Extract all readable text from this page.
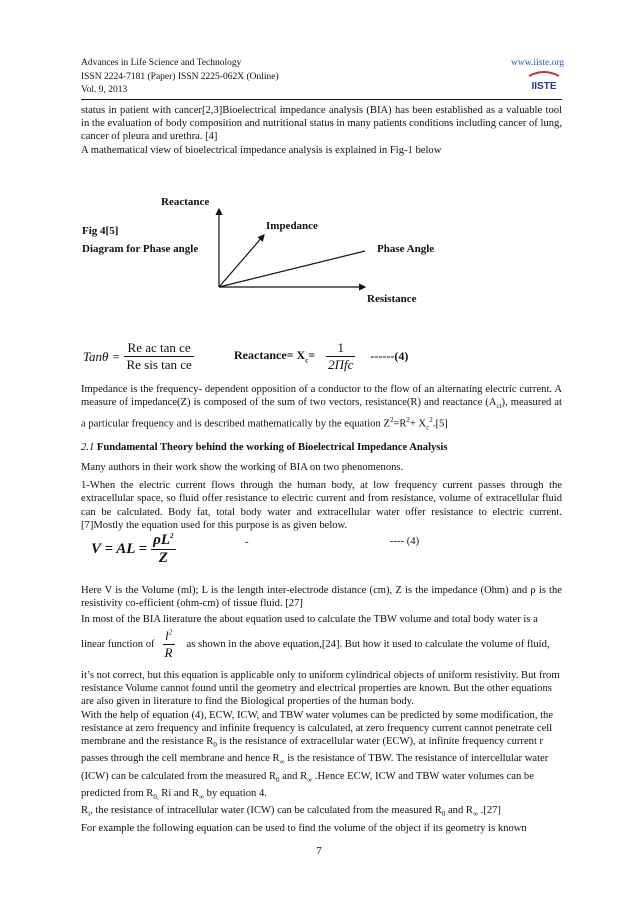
Advances in Life Science and Technology
ISSN 2224-7181 (Paper) ISSN 2225-062X (Online)
Vol. 9, 2013
www.iiste.org
IISTE

status in patient with cancer[2,3]Bioelectrical impedance analysis (BIA) has been established as a valuable tool in the evaluation of body composition and nutritional status in many patients conditions including cancer of lung, cancer of pleura and urethra. [4]

A mathematical view of bioelectrical impedance analysis is explained in Fig-1 below

Reactance
Fig 4[5]
Diagram for Phase angle
Impedance
Phase Angle
Resistance
$Tan\theta = \frac{\text{Re ac tan ce}}{\text{Re sis tan ce}}$	Reactance= $X_c= \frac{1}{\text{2Πfc}} ------(4)$

Impedance is the frequency- dependent opposition of a conductor to the flow of an alternating electric current. A measure of impedance(Z) is composed of the sum of two vectors, resistance(R) and reactance $(A_{ct})$, measured at a particular frequency and is described mathematically by the equation $Z^2=R^2+ X_c^2.[5]$

2.1 Fundamental Theory behind the working of Bioelectrical Impedance Analysis

Many authors in their work show the working of BIA on two phenomenons.

1-When the electric current flows through the human body, at low frequency current passes through the extracellular space, so fluid offer resistance to electric current and from resistance, volume of extracellular fluid can be calculated. Body fat, total body water and extracellular water offer resistance to electric current. [7]Mostly the equation used for this purpose is as given below.

V = AL = $\frac{\rho L^2}{Z}$	-	---- (4)

Here V is the Volume (ml); L is the length inter-electrode distance (cm), Z is the impedance (Ohm) and ρ is the resistivity co-efficient (ohm-cm) of tissue fluid. [27]

In most of the BIA literature the about equation used to calculate the TBW volume and total body water is a

linear function of $\frac{l^2}{R}$ as shown in the above equation,[24]. But how it used to calculate the volume of fluid,

it’s not correct, but this equation is applicable only to uniform cylindrical objects of uniform resistivity. But from resistance Volume cannot found until the geometry and electrical properties are known. But the other equations are also given in literature to find the Biological properties of the human body.

With the help of equation (4), ECW, ICW, and TBW water volumes can be predicted by some modification, the resistance at zero frequency and infinite frequency is calculated, at zero frequency current cannot penetrate cell membrane and the resistance $R_0$ is the resistance of extracellular water (ECW), at infinite frequency current r passes through the cell membrane and hence $R_\infty$ is the resistance of TBW. The resistance of intercellular water (ICW) can be calculated from the measured $R_0$ and $R_\infty$ .Hence ECW, ICW and TBW water volumes can be predicted from $R_{0,}$ Ri and $R_\infty$ by equation 4.

$R_i$, the resistance of intracellular water (ICW) can be calculated from the measured $R_0$ and $R_\infty$ .[27]

For example the following equation can be used to find the volume of the object if its geometry is known

7
